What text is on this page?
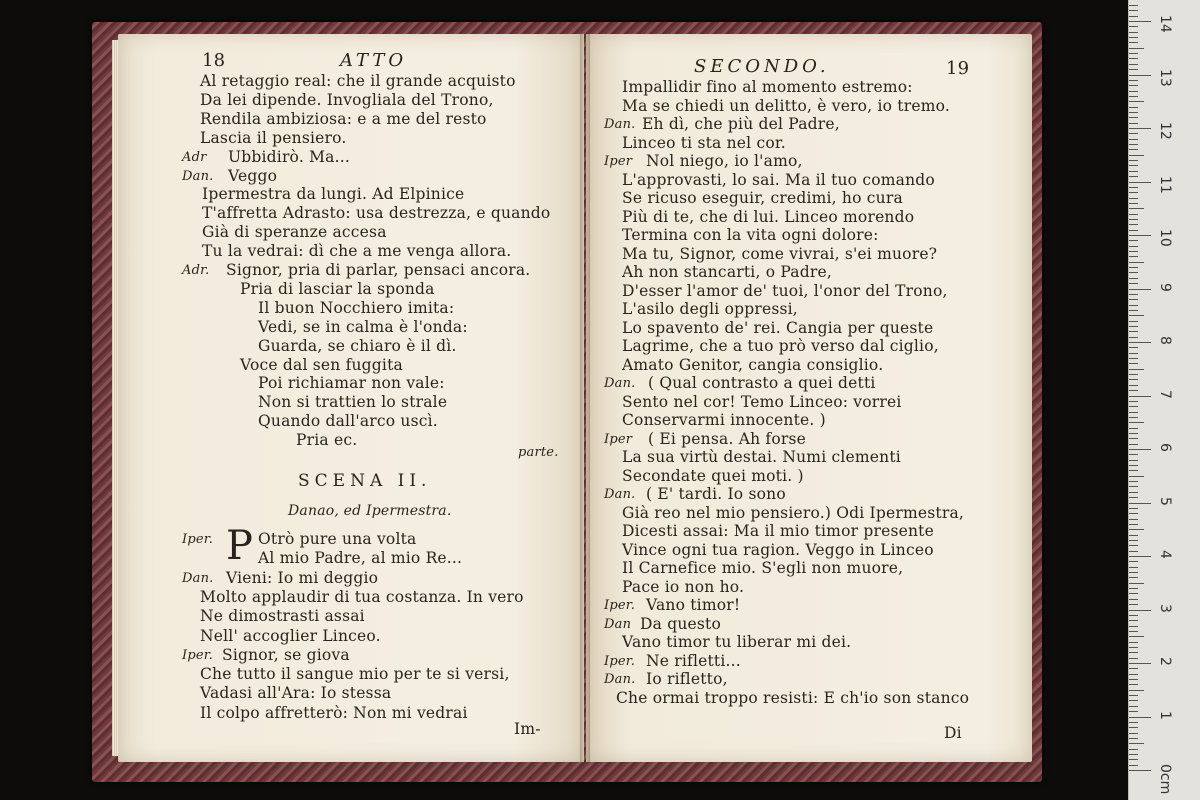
18	ATTO
Al retaggio real: che il grande acquisto
Da lei dipende. Invogliala del Trono,
Rendila ambiziosa: e a me del resto
Lascia il pensiero.
Adr Ubbidirò. Ma...
Dan. Veggo
Ipermestra da lungi. Ad Elpinice
T'affretta Adrasto: usa destrezza, e quando
Già di speranze accesa
Tu la vedrai: dì che a me venga allora.
Adr. Signor, pria di parlar, pensaci ancora.
Pria di lasciar la sponda
Il buon Nocchiero imita:
Vedi, se in calma è l'onda:
Guarda, se chiaro è il dì.
Voce dal sen fuggita
Poi richiamar non vale:
Non si trattien lo strale
Quando dall'arco uscì.
Pria ec.
parte.
SCENA II.
Danao, ed Ipermestra.
P
Iper.	Otrò pure una volta
Al mio Padre, al mio Re...
Dan. Vieni: Io mi deggio
Molto applaudir di tua costanza. In vero
Ne dimostrasti assai
Nell' accoglier Linceo.
Iper. Signor, se giova
Che tutto il sangue mio per te si versi,
Vadasi all'Ara: Io stessa
Il colpo affretterò: Non mi vedrai
Im-
SECONDO.	19
Impallidir fino al momento estremo:
Ma se chiedi un delitto, è vero, io tremo.
Dan. Eh dì, che più del Padre,
Linceo ti sta nel cor.
Iper Nol niego, io l'amo,
L'approvasti, lo sai. Ma il tuo comando
Se ricuso eseguir, credimi, ho cura
Più di te, che di lui. Linceo morendo
Termina con la vita ogni dolore:
Ma tu, Signor, come vivrai, s'ei muore?
Ah non stancarti, o Padre,
D'esser l'amor de' tuoi, l'onor del Trono,
L'asilo degli oppressi,
Lo spavento de' rei. Cangia per queste
Lagrime, che a tuo prò verso dal ciglio,
Amato Genitor, cangia consiglio.
Dan. ( Qual contrasto a quei detti
Sento nel cor! Temo Linceo: vorrei
Conservarmi innocente. )
Iper ( Ei pensa. Ah forse
La sua virtù destai. Numi clementi
Secondate quei moti. )
Dan. ( E' tardi. Io sono
Già reo nel mio pensiero.) Odi Ipermestra,
Dicesti assai: Ma il mio timor presente
Vince ogni tua ragion. Veggo in Linceo
Il Carnefice mio. S'egli non muore,
Pace io non ho.
Iper. Vano timor!
Dan Da questo
Vano timor tu liberar mi dei.
Iper. Ne rifletti...
Dan. Io rifletto,
Che ormai troppo resisti: E ch'io son stanco
Di
0cm
1
2
3
4
5
6
7
8
9
10
11
12
13
14
